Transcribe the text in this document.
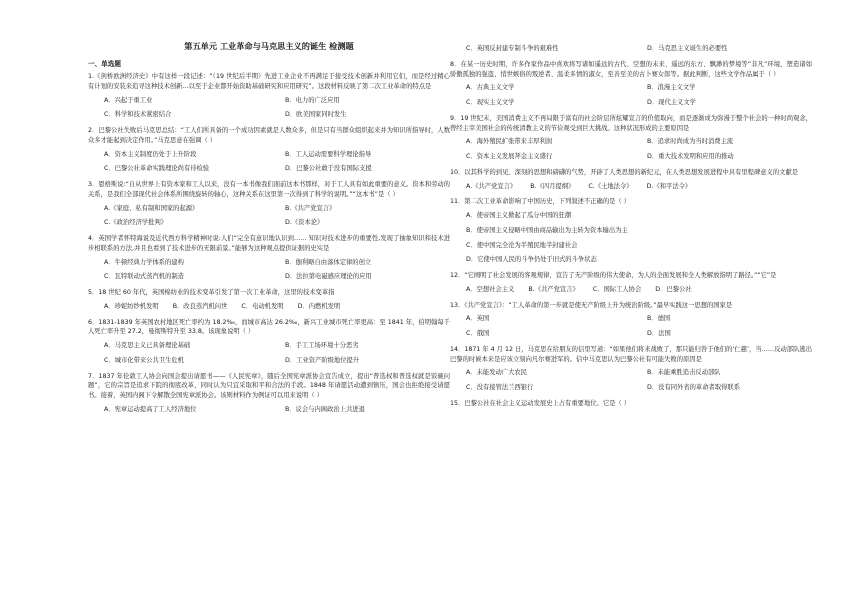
第五单元 工业革命与马克思主义的诞生 检测题
一、单选题
1.《剑桥欧洲经济史》中有这样一段记述：“（19 世纪后半期）先进工业企业不再满足于接受技术创新并利用它们，而是经过精心有计划的安装来追寻这种技术创新…以至于企业都开始资助基础研究和应用研究”。这段材料反映了第二次工业革命的特点是
A．兴起于重工业	B．电力的广泛应用
C．科学和技术紧密结合	D．欧美国家同时发生
2．巴黎公社失败后马克思总结：“工人们所具备的一个成功因素就是人数众多，但是只有当群众组织起来并为知识所指导时，人数众多才能起到决定作用。”马克思意在强调（ ）
A．资本主义制度仍处于上升阶段	B．工人运动需要科学理论指导
C．巴黎公社革命实践理论尚有待检验	D．巴黎公社敢于没有国际支援
3．恩格斯说:“自从世界上有资本家和工人以来，没有一本书像我们面前这本书那样，对于工人具有如此重要的意义。资本和劳动的关系，是我们全部现代社会体系所围绕旋转的轴心，这种关系在这里第一次得到了科学的说明。”“这本书”是（ ）
A.《家庭、私有制和国家的起源》	B.《共产党宣言》
C.《政治经济学批判》	D.《资本论》
4．英国学者怀特海说及近代西方科学精神时说:人们“完全有意识地认识到…… 知识对技术进步的重要性,发现了抽象知识和技术进步相联系的方法,并且也看到了技术进步的无限前景。”能够为这种观点提供证据的史实是
A．牛顿经典力学体系的建构	B．伽利略自由落体定律的创立
C．瓦特联动式蒸汽机的制造	D．法拉第电磁感应理论的应用
5．18 世纪 60 年代，英国棉纺业的技术变革引发了第一次工业革命，这里的技术变革指
A．珍妮纺纱机发明 B．改良蒸汽机问世 C．电动机发明 D．内燃机发明
6．1831-1839 年英国农村地区死亡率约为 18.2‰，而城市高达 26.2‰，新兴工业城市死亡率更高：至 1841 年，伯明翰每千人死亡率升至 27.2，曼彻斯特升至 33.8。该现象说明（ ）
A．马克思主义已具备理论基础	B．手工工场环境十分恶劣
C．城市化带来公共卫生危机	D．工业资产阶级地位提升
7．1837 年伦敦工人协会向国会提出请愿书——《人民宪章》，随后全国宪章派协会宣告成立，提出“普选权和普选权就是饭碗问题”，它的宗旨是追求下院的彻底改革，同时认为只宜采取和平和合法的手段。1848 年请愿活动遭到镇压，国会也拒绝接受请愿书。接着，英国内阁下令解散全国宪章派协会。该则材料作为例证可以用来说明（ ）
A．宪章运动提高了工人经济地位	B．议会与内阁政治上共进退
C．英国反封建专制斗争的艰难性	D．马克思主义诞生的必要性
8．在某一历史时期，许多作家作品中喜欢将写诸如遥远的古代、空想的未来、遥远的东方、飘渺的梦境等“非凡”环境，塑造诸如骄傲孤独的强盗、悄世嫉俗的叛逆者、温柔多情的淑女，至善至美的古卜赛女郎等。据此判断，这些文学作品属于（ ）
A．古典主义文学	B．浪漫主义文学
C．现实主义文学	D．现代主义文学
9．19 世纪末，美国消费主义不再局限于富有的社会阶层所炫耀宣言的价值取向，而是逐渐成为弥漫于整个社会的一种时尚观念，曾经主宰美国社会的传统清教主义的节俭观受到巨大挑战。这种状况形成的主要原因是
A．海外殖民扩张带来丰厚利润	B．追求时尚成为当时消费主流
C．资本主义发展拜金主义盛行	D．重大技术发明和应用的推动
10．以其科学的到见、深刻的思想和磅礴的气势，开辟了人类思想的新纪元，在人类思想发展进程中具有里程碑意义的文献是
A.《共产党宣言》 B.《四月提纲》 C.《土地法令》 D.《和平法令》
11．第二次工业革命影响了中国历史，下列叙述不正确的是（ ）
A．使帝国主义掀起了瓜分中国的狂潮
B．使帝国主义侵略中国由商品输出为主转为资本输出为主
C．使中国完全沦为半殖民地半封建社会
D．它使中国人民的斗争仍处于旧式的斗争状态
12．“它阐明了社会发展的客观规律，宣告了无产阶级的伟大使命，为人的全面发展和全人类解放指明了路径。”“它”是
A．空想社会主义 B.《共产党宣言》 C．国际工人协会 D．巴黎公社
13．《共产党宣言》：“工人革命的第一步就是使无产阶级上升为统治阶级。”最早实践这一思想的国家是
A．英国	B．德国
C．俄国	D．法国
14．1871 年 4 月 12 日，马克思在给朋友的信里写道：“如果他们将来战败了，那只能归咎于他们的‘仁慈’，当……反动部队逃出巴黎的时候本来是应该立刻向凡尔赛进军的。信中马克思认为巴黎公社有可能失败的原因是
A．未能发动广大农民	B．未能乘胜追击反动部队
C．没有接管法兰西银行	D．没有同外省的革命者取得联系
15．巴黎公社在社会主义运动发展史上占有重要地位。它是（ ）
